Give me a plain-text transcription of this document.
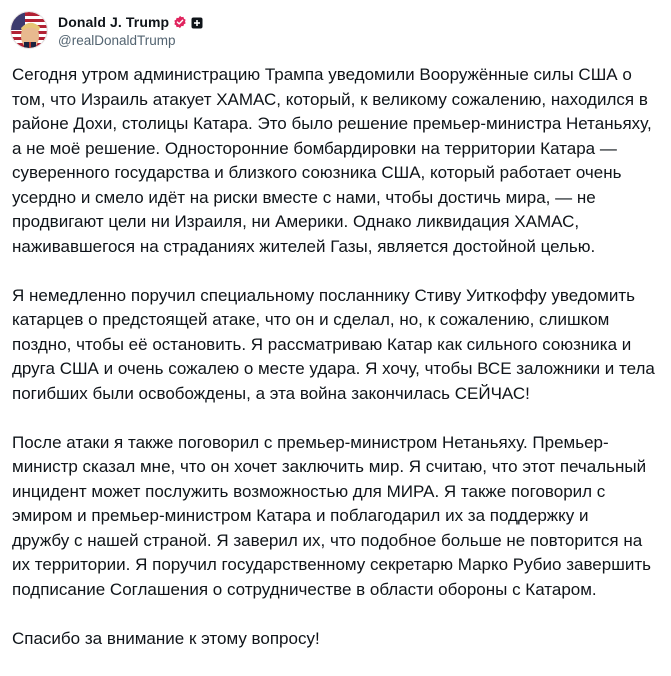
Donald J. Trump
@realDonaldTrump

Сегодня утром администрацию Трампа уведомили Вооружённые силы США о
том, что Израиль атакует ХАМАС, который, к великому сожалению, находился в
районе Дохи, столицы Катара. Это было решение премьер-министра Нетаньяху,
а не моё решение. Односторонние бомбардировки на территории Катара —
суверенного государства и близкого союзника США, который работает очень
усердно и смело идёт на риски вместе с нами, чтобы достичь мира, — не
продвигают цели ни Израиля, ни Америки. Однако ликвидация ХАМАС,
наживавшегося на страданиях жителей Газы, является достойной целью.

Я немедленно поручил специальному посланнику Стиву Уиткоффу уведомить
катарцев о предстоящей атаке, что он и сделал, но, к сожалению, слишком
поздно, чтобы её остановить. Я рассматриваю Катар как сильного союзника и
друга США и очень сожалею о месте удара. Я хочу, чтобы ВСЕ заложники и тела
погибших были освобождены, а эта война закончилась СЕЙЧАС!

После атаки я также поговорил с премьер-министром Нетаньяху. Премьер-
министр сказал мне, что он хочет заключить мир. Я считаю, что этот печальный
инцидент может послужить возможностью для МИРА. Я также поговорил с
эмиром и премьер-министром Катара и поблагодарил их за поддержку и
дружбу с нашей страной. Я заверил их, что подобное больше не повторится на
их территории. Я поручил государственному секретарю Марко Рубио завершить
подписание Соглашения о сотрудничестве в области обороны с Катаром.

Спасибо за внимание к этому вопросу!
